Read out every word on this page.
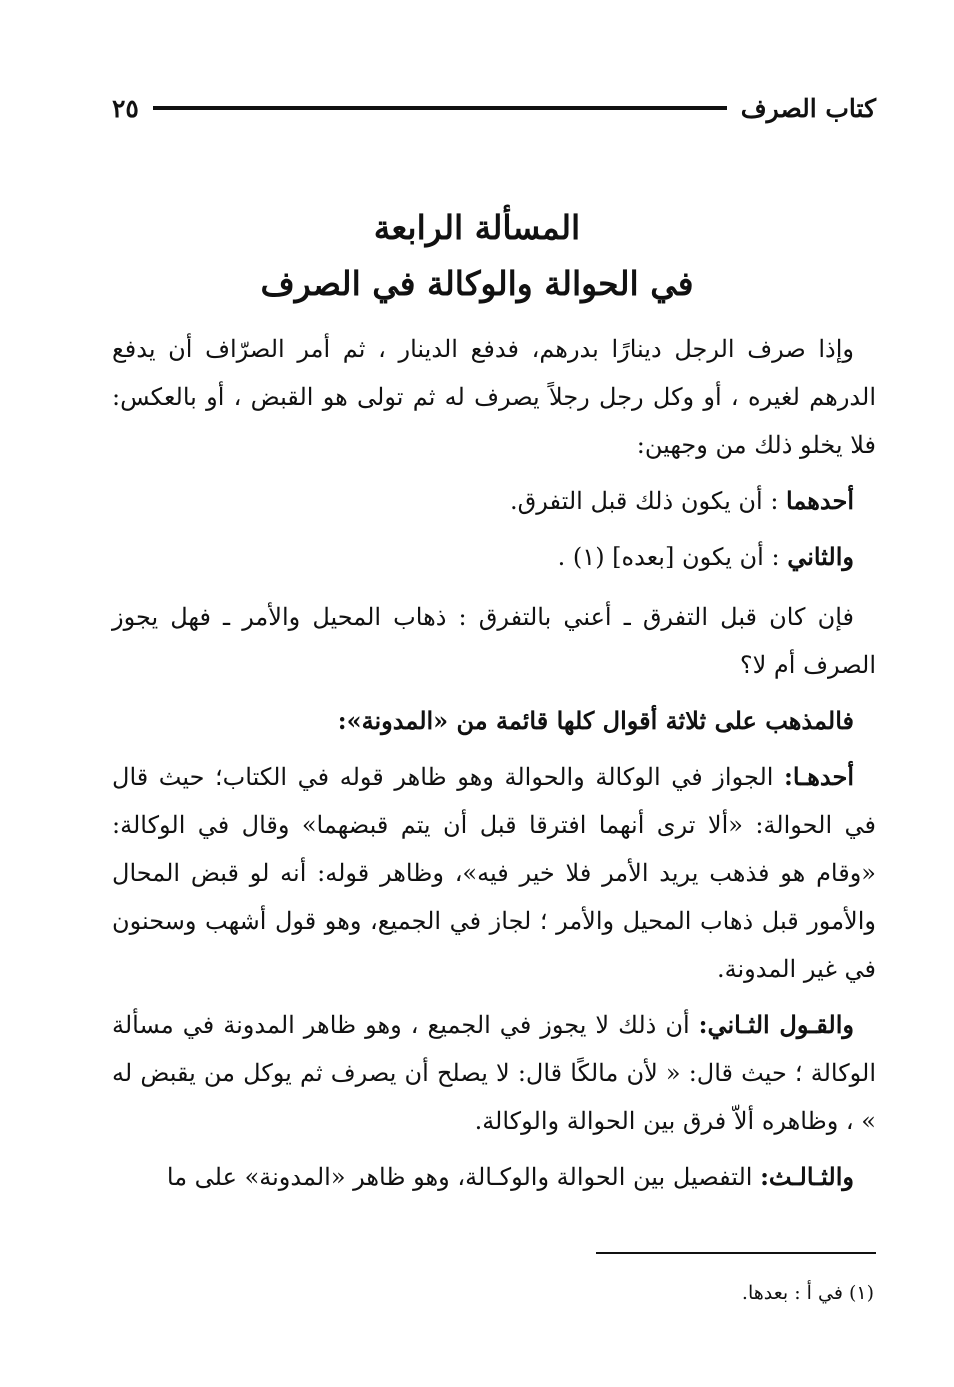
كتاب الصرف
٢٥
المسألة الرابعة
في الحوالة والوكالة في الصرف

وإذا صرف الرجل دينارًا بدرهم، فدفع الدينار ، ثم أمر الصرّاف أن يدفع الدرهم لغيره ، أو وكل رجل رجلاً يصرف له ثم تولى هو القبض ، أو بالعكس: فلا يخلو ذلك من وجهين:

أحدهما : أن يكون ذلك قبل التفرق.

والثاني : أن يكون [بعده] (١) .

فإن كان قبل التفرق ـ أعني بالتفرق : ذهاب المحيل والأمر ـ فهل يجوز الصرف أم لا؟

فالمذهب على ثلاثة أقوال كلها قائمة من «المدونة»:

أحدهـا: الجواز في الوكالة والحوالة وهو ظاهر قوله في الكتاب؛ حيث قال في الحوالة: «ألا ترى أنهما افترقا قبل أن يتم قبضهما» وقال في الوكالة: «وقام هو فذهب يريد الأمر فلا خير فيه»، وظاهر قوله: أنه لو قبض المحال والأمور قبل ذهاب المحيل والأمر ؛ لجاز في الجميع، وهو قول أشهب وسحنون في غير المدونة.

والقـول الثـاني: أن ذلك لا يجوز في الجميع ، وهو ظاهر المدونة في مسألة الوكالة ؛ حيث قال: « لأن مالكًا قال: لا يصلح أن يصرف ثم يوكل من يقبض له » ، وظاهره ألاّ فرق بين الحوالة والوكالة.

والثـالـث: التفصيل بين الحوالة والوكـالة، وهو ظاهر «المدونة» على ما

(١) في أ : بعدها.
